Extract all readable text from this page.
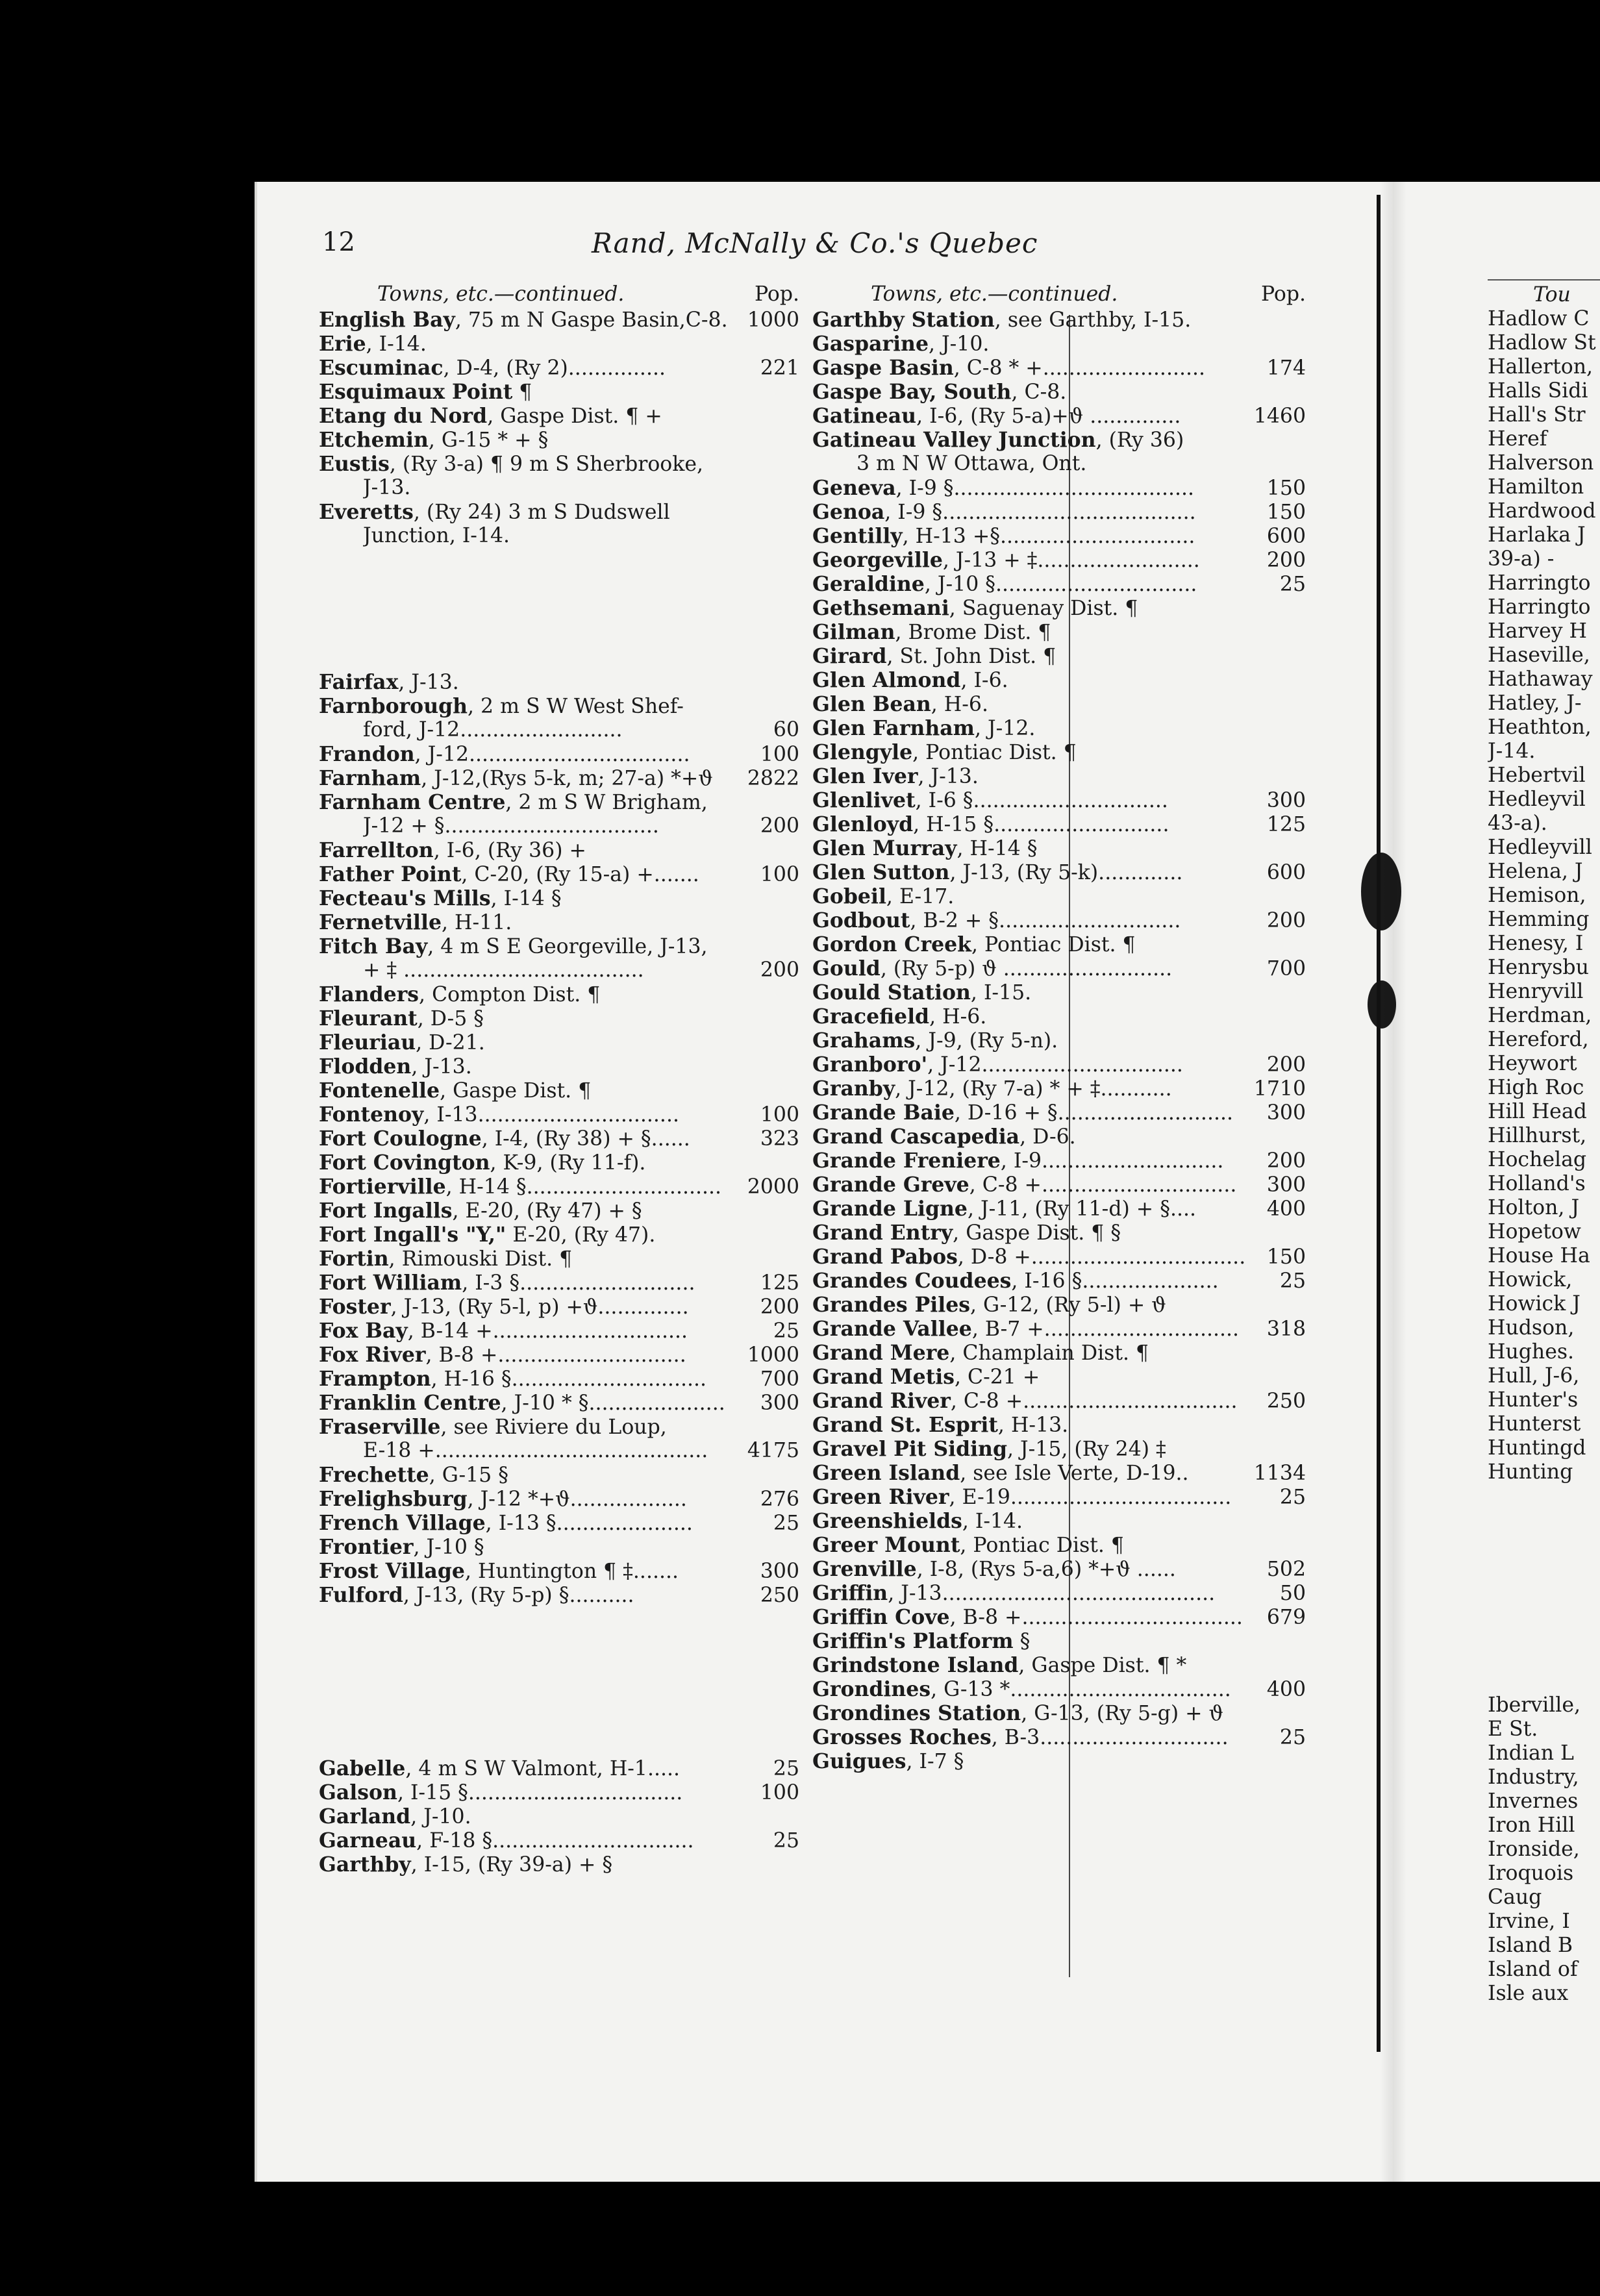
12	Rand, McNally & Co.'s Quebec
Towns, etc.—continued.	Pop.
English Bay, 75 m N Gaspe Basin,C-8. 1000
Erie, I-14.
Escuminac, D-4, (Ry 2)...............	221
Esquimaux Point ¶
Etang du Nord, Gaspe Dist. ¶ +
Etchemin, G-15 * + §
Eustis, (Ry 3-a) ¶ 9 m S Sherbrooke,
J-13.
Everetts, (Ry 24) 3 m S Dudswell
Junction, I-14.
Fairfax, J-13.
Farnborough, 2 m S W West Shef-
ford, J-12.........................	60
Frandon, J-12..................................	100
Farnham, J-12,(Rys 5-k, m; 27-a) *+ϑ 2822
Farnham Centre, 2 m S W Brigham,
J-12 + §.................................	200
Farrellton, I-6, (Ry 36) +
Father Point, C-20, (Ry 15-a) +.......	100
Fecteau's Mills, I-14 §
Fernetville, H-11.
Fitch Bay, 4 m S E Georgeville, J-13,
+ ‡ .....................................	200
Flanders, Compton Dist. ¶
Fleurant, D-5 §
Fleuriau, D-21.
Flodden, J-13.
Fontenelle, Gaspe Dist. ¶
Fontenoy, I-13...............................	100
Fort Coulogne, I-4, (Ry 38) + §......	323
Fort Covington, K-9, (Ry 11-f).
Fortierville, H-14 §.............................. 2000
Fort Ingalls, E-20, (Ry 47) + §
Fort Ingall's "Y," E-20, (Ry 47).
Fortin, Rimouski Dist. ¶
Fort William, I-3 §...........................	125
Foster, J-13, (Ry 5-l, p) +ϑ..............	200
Fox Bay, B-14 +..............................	25
Fox River, B-8 +.............................	1000
Frampton, H-16 §..............................	700
Franklin Centre, J-10 * §..................... 300
Fraserville, see Riviere du Loup,
E-18 +.......................................... 4175
Frechette, G-15 §
Frelighsburg, J-12 *+ϑ..................	276
French Village, I-13 §.....................	25
Frontier, J-10 §
Frost Village, Huntington ¶ ‡.......	300
Fulford, J-13, (Ry 5-p) §..........	250
Gabelle, 4 m S W Valmont, H-1.....	25
Galson, I-15 §.................................	100
Garland, J-10.
Garneau, F-18 §...............................	25
Garthby, I-15, (Ry 39-a) + §
Towns, etc.—continued.	Pop.
Garthby Station, see Garthby, I-15.
Gasparine, J-10.
Gaspe Basin, C-8 * +.........................	174
Gaspe Bay, South, C-8.
Gatineau, I-6, (Ry 5-a)+ϑ ..............	1460
Gatineau Valley Junction, (Ry 36)
3 m N W Ottawa, Ont.
Geneva, I-9 §.....................................	150
Genoa, I-9 §.......................................	150
Gentilly, H-13 +§..............................	600
Georgeville, J-13 + ‡.........................	200
Geraldine, J-10 §...............................	25
Gethsemani, Saguenay Dist. ¶
Gilman, Brome Dist. ¶
Girard, St. John Dist. ¶
Glen Almond, I-6.
Glen Bean, H-6.
Glen Farnham, J-12.
Glengyle, Pontiac Dist. ¶
Glen Iver, J-13.
Glenlivet, I-6 §..............................	300
Glenloyd, H-15 §...........................	125
Glen Murray, H-14 §
Glen Sutton, J-13, (Ry 5-k).............	600
Gobeil, E-17.
Godbout, B-2 + §............................	200
Gordon Creek, Pontiac Dist. ¶
Gould, (Ry 5-p) ϑ ..........................	700
Gould Station, I-15.
Gracefield, H-6.
Grahams, J-9, (Ry 5-n).
Granboro', J-12...............................	200
Granby, J-12, (Ry 7-a) * + ‡...........	1710
Grande Baie, D-16 + §........................... 300
Grand Cascapedia, D-6.
Grande Freniere, I-9............................ 200
Grande Greve, C-8 +.............................. 300
Grande Ligne, J-11, (Ry 11-d) + §....	400
Grand Entry, Gaspe Dist. ¶ §
Grand Pabos, D-8 +................................. 150
Grandes Coudees, I-16 §.....................	25
Grandes Piles, G-12, (Ry 5-l) + ϑ
Grande Vallee, B-7 +.............................. 318
Grand Mere, Champlain Dist. ¶
Grand Metis, C-21 +
Grand River, C-8 +................................. 250
Grand St. Esprit, H-13.
Gravel Pit Siding, J-15, (Ry 24) ‡
Green Island, see Isle Verte, D-19..	1134
Green River, E-19.................................. 25
Greenshields, I-14.
Greer Mount, Pontiac Dist. ¶
Grenville, I-8, (Rys 5-a,6) *+ϑ ......	502
Griffin, J-13..........................................	50
Griffin Cove, B-8 +.................................. 679
Griffin's Platform §
Grindstone Island, Gaspe Dist. ¶ *
Grondines, G-13 *.................................. 400
Grondines Station, G-13, (Ry 5-g) + ϑ
Grosses Roches, B-3.............................	25
Guigues, I-7 §
Tou
Hadlow C
Hadlow St
Hallerton,
Halls Sidi
Hall's Str
Heref
Halverson
Hamilton
Hardwood
Harlaka J
39-a) -
Harringto
Harringto
Harvey H
Haseville,
Hathaway
Hatley, J-
Heathton,
J-14.
Hebertvil
Hedleyvil
43-a).
Hedleyvill
Helena, J
Hemison,
Hemming
Henesy, I
Henrysbu
Henryvill
Herdman,
Hereford,
Heywort
High Roc
Hill Head
Hillhurst,
Hochelag
Holland's
Holton, J
Hopetow
House Ha
Howick,
Howick J
Hudson,
Hughes.
Hull, J-6,
Hunter's
Hunterst
Huntingd
Hunting
Iberville,
E St.
Indian L
Industry,
Invernes
Iron Hill
Ironside,
Iroquois
Caug
Irvine, I
Island B
Island of
Isle aux
